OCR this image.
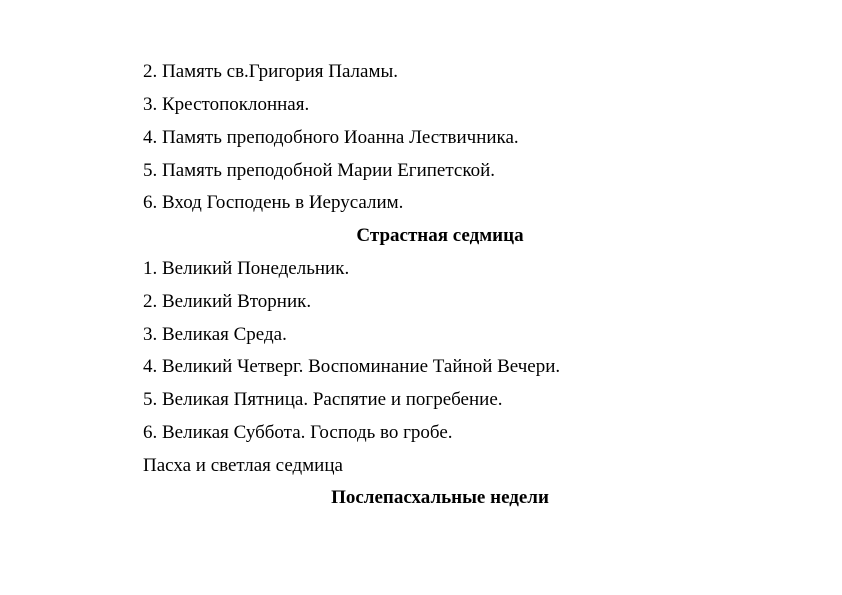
2. Память св.Григория Паламы.
3. Крестопоклонная.
4. Память преподобного Иоанна Лествичника.
5. Память преподобной Марии Египетской.
6. Вход Господень в Иерусалим.
Страстная седмица
1. Великий Понедельник.
2. Великий Вторник.
3. Великая Среда.
4. Великий Четверг. Воспоминание Тайной Вечери.
5. Великая Пятница. Распятие и погребение.
6. Великая Суббота. Господь во гробе.
Пасха и светлая седмица
Послепасхальные недели
